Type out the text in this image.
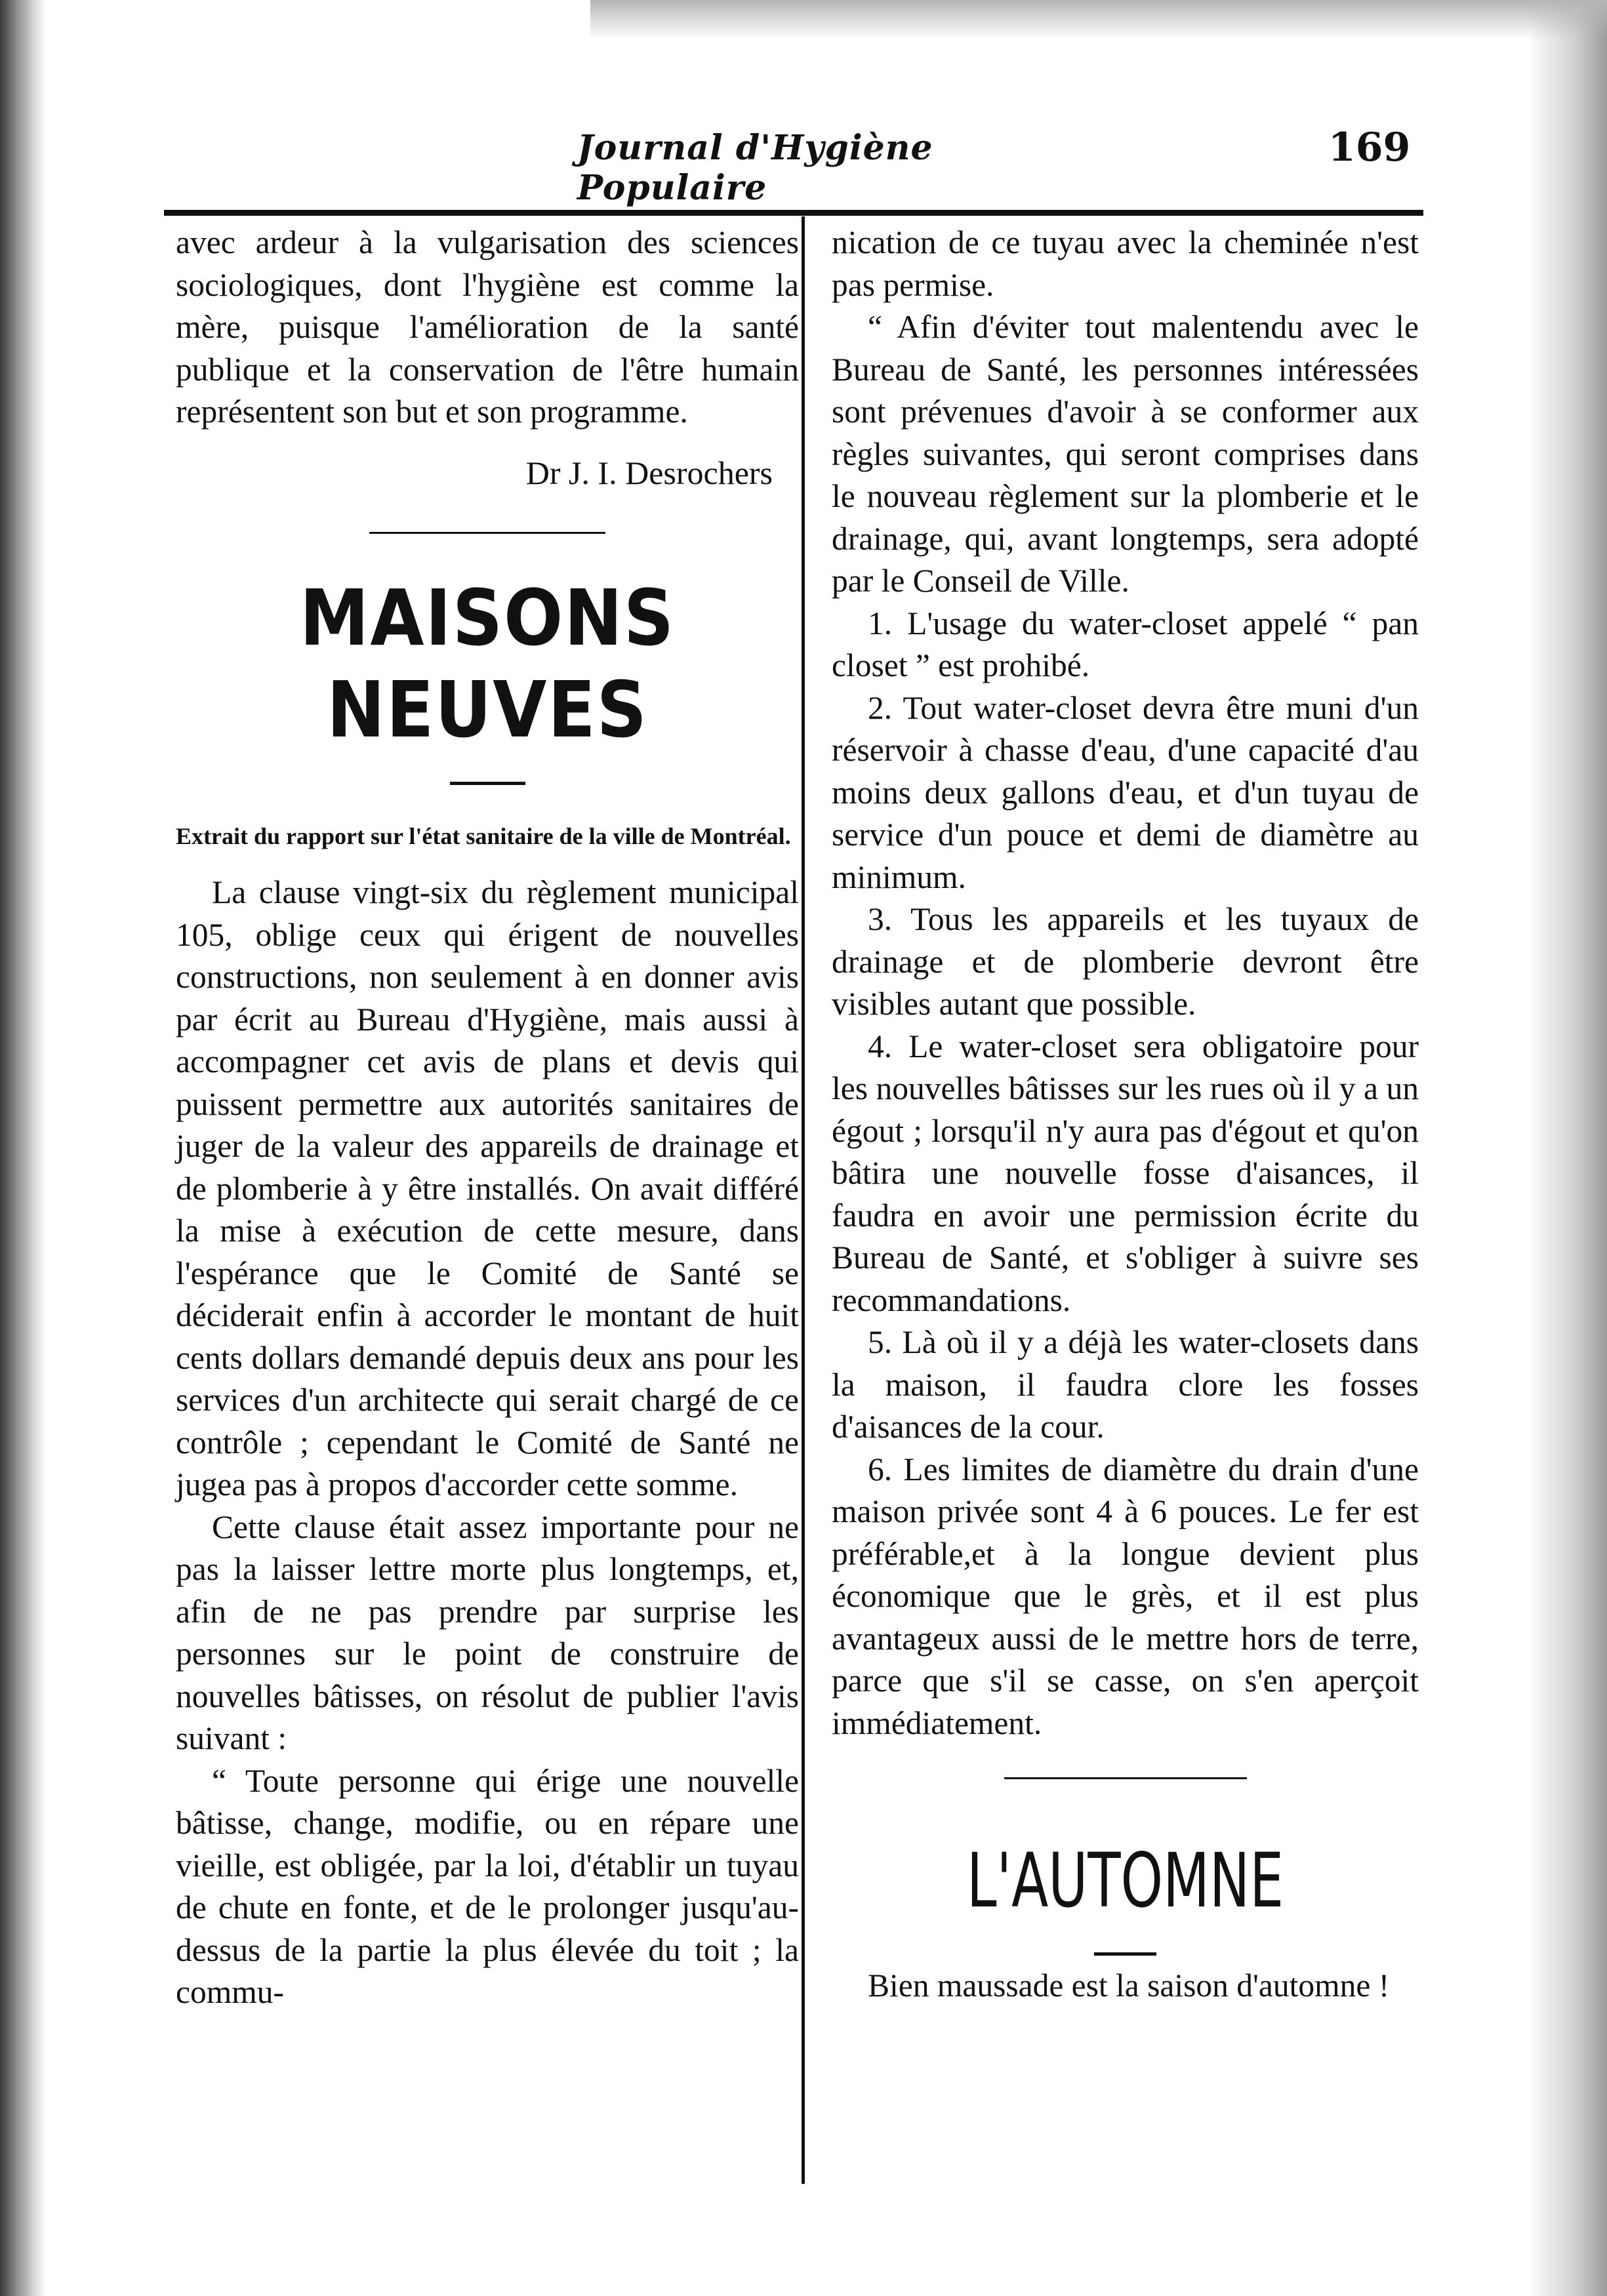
Journal d'Hygiène Populaire
169

avec ardeur à la vulgarisation des sciences sociologiques, dont l'hygiène est comme la mère, puisque l'amélioration de la santé publique et la conservation de l'être humain représentent son but et son programme.

Dr J. I. Desrochers
MAISONS NEUVES
Extrait du rapport sur l'état sanitaire de la ville de Montréal.

La clause vingt-six du règlement municipal 105, oblige ceux qui érigent de nouvelles constructions, non seulement à en donner avis par écrit au Bureau d'Hygiène, mais aussi à accompagner cet avis de plans et devis qui puissent permettre aux autorités sanitaires de juger de la valeur des appareils de drainage et de plomberie à y être installés. On avait différé la mise à exécution de cette mesure, dans l'espérance que le Comité de Santé se déciderait enfin à accorder le montant de huit cents dollars demandé depuis deux ans pour les services d'un architecte qui serait chargé de ce contrôle ; cependant le Comité de Santé ne jugea pas à propos d'accorder cette somme.

Cette clause était assez importante pour ne pas la laisser lettre morte plus longtemps, et, afin de ne pas prendre par surprise les personnes sur le point de construire de nouvelles bâtisses, on résolut de publier l'avis suivant :

“ Toute personne qui érige une nouvelle bâtisse, change, modifie, ou en répare une vieille, est obligée, par la loi, d'établir un tuyau de chute en fonte, et de le prolonger jusqu'au-dessus de la partie la plus élevée du toit ; la commu-

nication de ce tuyau avec la cheminée n'est pas permise.

“ Afin d'éviter tout malentendu avec le Bureau de Santé, les personnes intéressées sont prévenues d'avoir à se conformer aux règles suivantes, qui seront comprises dans le nouveau règlement sur la plomberie et le drainage, qui, avant longtemps, sera adopté par le Conseil de Ville.

1. L'usage du water-closet appelé “ pan closet ” est prohibé.

2. Tout water-closet devra être muni d'un réservoir à chasse d'eau, d'une capacité d'au moins deux gallons d'eau, et d'un tuyau de service d'un pouce et demi de diamètre au minimum.

3. Tous les appareils et les tuyaux de drainage et de plomberie devront être visibles autant que possible.

4. Le water-closet sera obligatoire pour les nouvelles bâtisses sur les rues où il y a un égout ; lorsqu'il n'y aura pas d'égout et qu'on bâtira une nouvelle fosse d'aisances, il faudra en avoir une permission écrite du Bureau de Santé, et s'obliger à suivre ses recommandations.

5. Là où il y a déjà les water-closets dans la maison, il faudra clore les fosses d'aisances de la cour.

6. Les limites de diamètre du drain d'une maison privée sont 4 à 6 pouces. Le fer est préférable,et à la longue devient plus économique que le grès, et il est plus avantageux aussi de le mettre hors de terre, parce que s'il se casse, on s'en aperçoit immédiatement.

L'AUTOMNE

Bien maussade est la saison d'automne !
